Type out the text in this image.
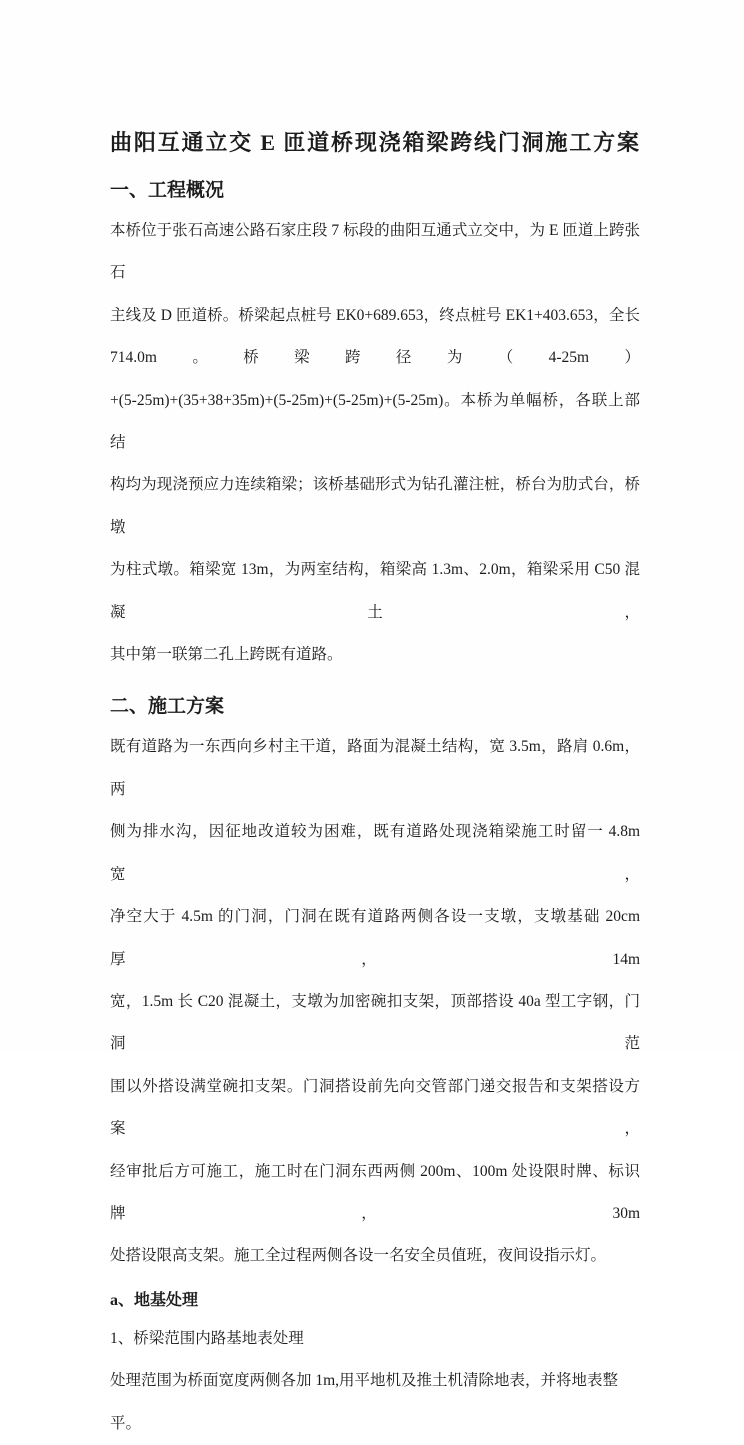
曲阳互通立交 E 匝道桥现浇箱梁跨线门洞施工方案
一、工程概况
本桥位于张石高速公路石家庄段 7 标段的曲阳互通式立交中，为 E 匝道上跨张石
主线及 D 匝道桥。桥梁起点桩号 EK0+689.653，终点桩号 EK1+403.653，全长
714.0m。桥梁跨径为（4-25m）
+(5-25m)+(35+38+35m)+(5-25m)+(5-25m)+(5-25m)。本桥为单幅桥，各联上部结
构均为现浇预应力连续箱梁；该桥基础形式为钻孔灌注桩，桥台为肋式台，桥墩
为柱式墩。箱梁宽 13m，为两室结构，箱梁高 1.3m、2.0m，箱梁采用 C50 混凝土，
其中第一联第二孔上跨既有道路。
二、施工方案
既有道路为一东西向乡村主干道，路面为混凝土结构，宽 3.5m，路肩 0.6m，两
侧为排水沟，因征地改道较为困难，既有道路处现浇箱梁施工时留一 4.8m 宽，
净空大于 4.5m 的门洞，门洞在既有道路两侧各设一支墩，支墩基础 20cm 厚，14m
宽，1.5m 长 C20 混凝土，支墩为加密碗扣支架，顶部搭设 40a 型工字钢，门洞范
围以外搭设满堂碗扣支架。门洞搭设前先向交管部门递交报告和支架搭设方案，
经审批后方可施工，施工时在门洞东西两侧 200m、100m 处设限时牌、标识牌，30m
处搭设限高支架。施工全过程两侧各设一名安全员值班，夜间设指示灯。
a、地基处理
1、桥梁范围内路基地表处理
处理范围为桥面宽度两侧各加 1m,用平地机及推土机清除地表，并将地表整平。
